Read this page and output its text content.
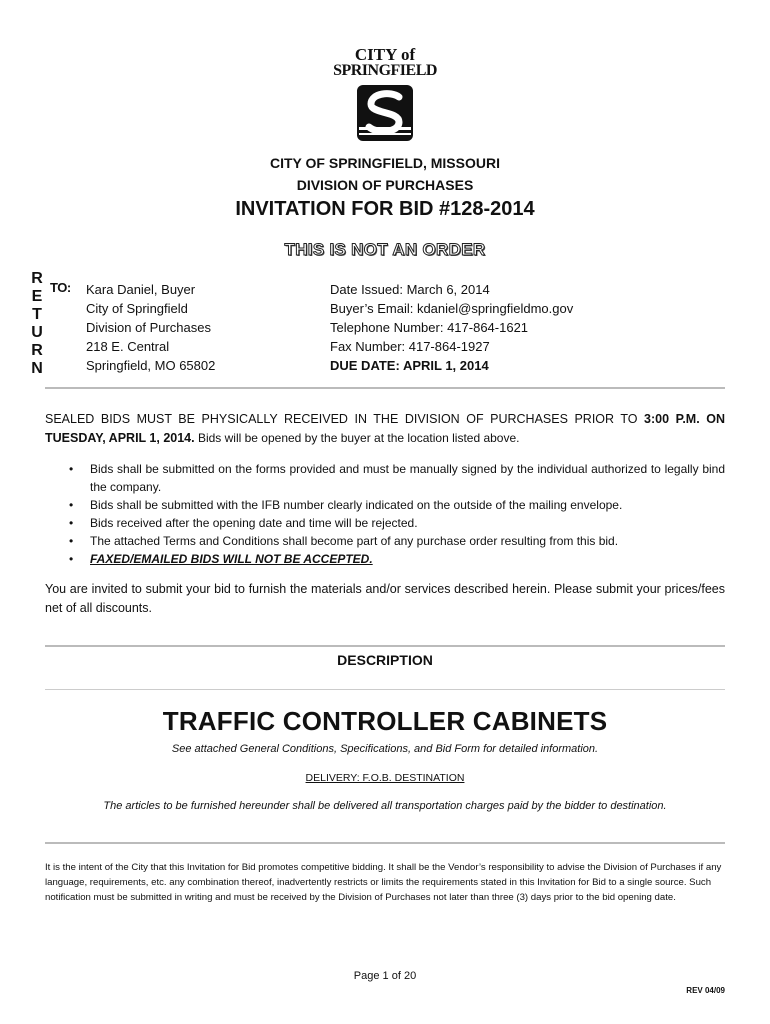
CITY of
SPRINGFIELD
CITY OF SPRINGFIELD, MISSOURI
DIVISION OF PURCHASES
INVITATION FOR BID #128-2014
THIS IS NOT AN ORDER
R
E
T
U
R
N
TO: Kara Daniel, Buyer
City of Springfield
Division of Purchases
218 E. Central
Springfield, MO 65802
Date Issued: March 6, 2014
Buyer’s Email: kdaniel@springfieldmo.gov
Telephone Number: 417-864-1621
Fax Number: 417-864-1927
DUE DATE: APRIL 1, 2014
SEALED BIDS MUST BE PHYSICALLY RECEIVED IN THE DIVISION OF PURCHASES PRIOR TO 3:00 P.M. ON TUESDAY, APRIL 1, 2014. Bids will be opened by the buyer at the location listed above.
• Bids shall be submitted on the forms provided and must be manually signed by the individual authorized to legally bind the company.
• Bids shall be submitted with the IFB number clearly indicated on the outside of the mailing envelope.
• Bids received after the opening date and time will be rejected.
• The attached Terms and Conditions shall become part of any purchase order resulting from this bid.
• FAXED/EMAILED BIDS WILL NOT BE ACCEPTED.
You are invited to submit your bid to furnish the materials and/or services described herein. Please submit your prices/fees net of all discounts.
DESCRIPTION
TRAFFIC CONTROLLER CABINETS
See attached General Conditions, Specifications, and Bid Form for detailed information.
DELIVERY: F.O.B. DESTINATION
The articles to be furnished hereunder shall be delivered all transportation charges paid by the bidder to destination.
It is the intent of the City that this Invitation for Bid promotes competitive bidding. It shall be the Vendor’s responsibility to advise the Division of Purchases if any language, requirements, etc. any combination thereof, inadvertently restricts or limits the requirements stated in this Invitation for Bid to a single source. Such notification must be submitted in writing and must be received by the Division of Purchases not later than three (3) days prior to the bid opening date.
Page 1 of 20
REV 04/09
